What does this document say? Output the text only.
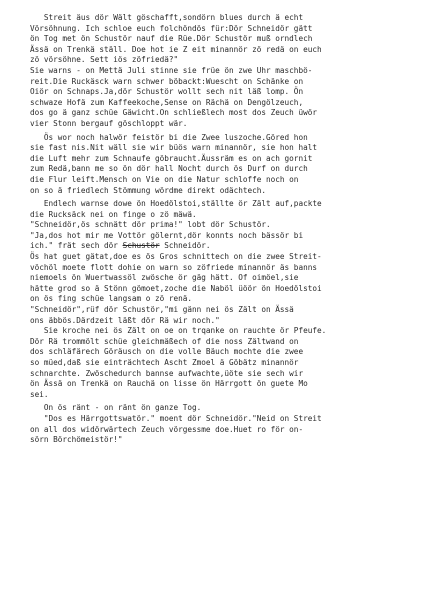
Streit äus dör Wält göschafft,sondörn blues durch ä echt
Vörsöhnung. Ich schloe euch folchöndös für:Dör Schneidör gätt
ön Tog met ön Schustör nauf die Rüe.Dör Schustör muß orndlech
Ässä on Trenkä ställ. Doe hot ie Z eit minannör zö redä on euch
zö vörsöhne. Sett iös zöfriedä?"
Sie warns - on Mettä Juli stinne sie früe ön zwe Uhr maschbö-
reit.Die Ruckäsck warn schwer böbackt:Wuescht on Schänke on
Oiör on Schnaps.Ja,dör Schustör wollt sech nit läß lomp. Ön
schwaze Hofä zum Kaffeekoche,Sense on Rächä on Dengölzeuch,
dos go ä ganz schüe Gäwicht.On schließlech most dos Zeuch üwör
vier Stonn bergauf göschloppt wär.
Ös wor noch halwör feistör bi die Zwee luszoche.Göred hon
sie fast nis.Nit wäll sie wir büös warn minannör, sie hon halt
die Luft mehr zum Schnaufe göbraucht.Äussräm es on ach gornit
zum Redä,bann me so ön dör hall Nocht durch ös Durf on durch
die Flur leift.Mensch on Vie on die Natur schloffe noch on
on so ä friedlech Stömmung wördme direkt odächtech.
Endlech warnse dowe ön Hoedölstoi,ställte ör Zält auf,packte
die Rucksäck nei on finge o zö mäwä.
"Schneidör,ös schnätt dör prima!" lobt dör Schustör.
"Ja,dos hot mir me Vottör gölernt,dör konnts noch bässör bi
ich." frät sech dör Schustör Schneidör.
Ös hat guet gätat,doe es ös Gros schnittech on die zwee Streit-
vöchöl moete flott dohie on warn so zöfriede minannör äs banns
niemoels ön Wuertwassöl zwösche ör gäg hätt. Of oimöel,sie
hätte grod so ä Stönn gömoet,zoche die Naböl üöör ön Hoedölstoi
on ös fing schüe langsam o zö renä.
"Schneidör",rüf dör Schustör,"mi gänn nei ös Zält on Ässä
ons äbbös.Därdzeit läßt dör Rä wir noch."
Sie kroche nei ös Zält on oe on trqanke on rauchte ör Pfeufe.
Dör Rä trommölt schüe gleichmäßech of die noss Zältwand on
dos schläfärech Göräusch on die volle Bäuch mochte die zwee
so müed,daß sie einträchtech Ascht Zmoel ä Göbätz minannör
schnarchte. Zwöschedurch bannse aufwachte,üöte sie sech wir
ön Ässä on Trenkä on Rauchä on lisse ön Härrgott ön guete Mo
sei.
On ös ränt - on ränt ön ganze Tog.
"Dos es Härrgottswatör." moent dör Schneidör."Neid on Streit
on all dos widörwärtech Zeuch vörgessme doe.Huet ro för on-
sörn Börchömeistör!"
